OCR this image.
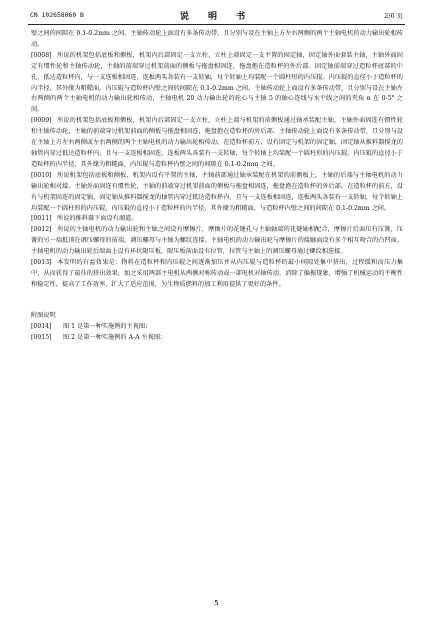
CN 102658060 B	说 明 书	2/6 页

壁之间的间隙在 0.1-0.2mm 之间。主轴传动轮上面设有多条传动带，且分别与设在主轴上方左右两侧的两个主轴电机的动力输出轮相传动。

[0008] 所说的机架包括底板和侧板，机架内后部固定一支立柱，立柱上端固定一支平置的固定轴，固定轴外面套装主轴，主轴外面固定有惯性轮和主轴传动轮，主轴的前端穿过机架前面的侧板与拖盘相固连，拖盘抱在造粒杯的外后部。固定轴前端穿过造粒杯底部的中孔，抵达造粒杯内，与一支连板相固连，连板两头各装有一支转轴，每个转轴上均装配一个圆柱形的内压辊。内压辊的直径小于造粒杯的内半径，其外缘为粗糙面，内压辊与造粒杯内壁之间的间隙在 0.1-0.2mm 之间。主轴传动轮上面设有多条传动带，且分别与设在主轴左右两侧的两个主轴电机的动力输出轮相传动，主轴电机 20 动力输出轮的轮心与主轴 5 的轴心连线与水平线之间的夹角 α 在 0-5° 之间。

[0009] 所说的机架包括底板和侧板，机架内后部固定一支立柱，立柱上端与机架的前侧板通过轴承装配主轴，主轴外面固连有惯性轮和主轴传动轮，主轴的前端穿过机架前面的侧板与拖盘相固连，拖盘抱在造粒杯的外后部。主轴传动轮上面设有多条传动带，且分别与设在主轴上方左右两侧或左右两侧的两个主轴电机的动力输出轮相传动。在造粒杯前方，设有固定与机架的固定轴，固定轴从推料器搅龙的轴管内穿过抵达造粒杯内，且与一支连板相固连，连板两头各装有一支转轴，每个转轴上均装配一个圆柱形的内压辊。内压辊的直径小于造粒杯的内半径，其外缘为粗糙面，内压辊与造粒杯内壁之间的间隙在 0.1-0.2mm 之间。

[0010] 所说机架包括底板和侧板，机架内设有平置的主轴，主轴前部通过轴承装配在机架的前侧板上，主轴的后端与主轴电机的动力输出轮相对接。主轴外面固连有惯性轮，主轴的前端穿过机架前面的侧板与拖盘相固连，拖盘抱在造粒杯的外后部。在造粒杯的前方，设有与机架固连的固定轴，固定轴从推料器搅龙的轴管内穿过抵达造粒杯内，且与一支连板相固连，连板两头各装有一支转轴，每个转轴上均装配一个圆柱形的内压辊。内压辊的直径小于造粒杯的内半径，其外缘为粗糙面，与造粒杯内壁之间的间隙在 0.1-0.2mm 之间。

[0011] 所说的推料器下面设有溜道。

[0012] 所说的主轴电机的动力输出轮和主轴之间设有摩擦片，摩擦片的花键孔与主轴轴端的花键轴相配合，摩擦片后面压有压簧，压簧的另一端抵顶在调压螺母的前端，调压螺母与主轴为螺纹连接。主轴电机的动力输出轮与摩擦片的接触面设有多个相互吻合的凸凹面。主轴电机的动力输出轮后端面上设有环状限压板，限压板前面设有拉管，拉管与主轴上的调压螺母通过螺纹相连接。

[0013] 本发明的有益效果是：物料在造粒杯和内压辊之间逐渐加压并从内压辊与造粒杯的最小间隙处集中挤出，过程缓和而压力集中，从而获得了最佳的挤出效果，加之采用两部主电机从两侧对称传动或一部电机对轴传动，消除了偏振现象，增强了机械运动的平衡性和稳定性，提高了工作效率，扩大了适应范围，为生物质燃料的加工利用提供了更好的条件。

附图说明

[0014] 图 1 是第一种实施例的主视图；

[0015] 图 2 是第一种实施例的 A-A 左视图；

5
